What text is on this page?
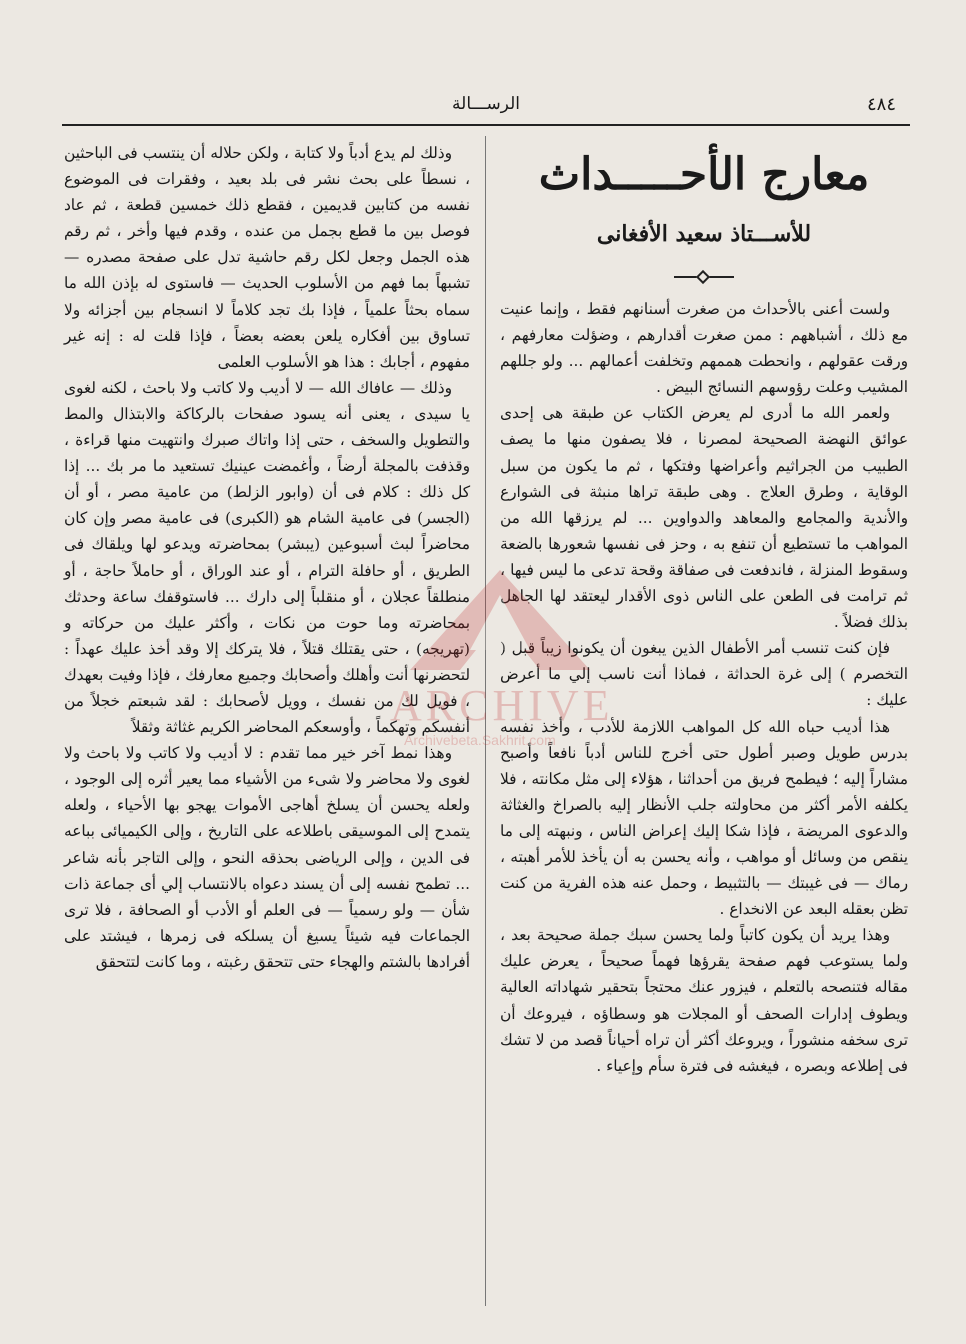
٤٨٤
الرســـالة
معارج الأحـــــداث
للأســـتاذ سعيد الأفغانى

ولست أعنى بالأحداث من صغرت أسنانهم فقط ، وإنما عنيت مع ذلك ، أشباههم : ممن صغرت أقدارهم ، وضؤلت معارفهم ، ورقت عقولهم ، وانحطت هممهم وتخلفت أعمالهم ... ولو جللهم المشيب وعلت رؤوسهم النسائج البيض .

ولعمر الله ما أدرى لم يعرض الكتاب عن طبقة هى إحدى عوائق النهضة الصحيحة لمصرنا ، فلا يصفون منها ما يصف الطبيب من الجراثيم وأعراضها وفتكها ، ثم ما يكون من سبل الوقاية ، وطرق العلاج . وهى طبقة تراها منبثة فى الشوارع والأندية والمجامع والمعاهد والدواوين ... لم يرزقها الله من المواهب ما تستطيع أن تنفع به ، وحز فى نفسها شعورها بالضعة وسقوط المنزلة ، فاندفعت فى صفاقة وقحة تدعى ما ليس فيها ، ثم ترامت فى الطعن على الناس ذوى الأقدار ليعتقد لها الجاهل بذلك فضلاً .

فإن كنت تنسب أمر الأطفال الذين يبغون أن يكونوا زيباً قبل ( التخصرم ) إلى غرة الحداثة ، فماذا أنت ناسب إلي ما أعرض عليك :

هذا أديب حباه الله كل المواهب اللازمة للأدب ، وأخذ نفسه بدرس طويل وصبر أطول حتى أخرج للناس أدباً نافعاً وأصبح مشاراً إليه ؛ فيطمح فريق من أحداثنا ، هؤلاء إلى مثل مكانته ، فلا يكلفه الأمر أكثر من محاولته جلب الأنظار إليه بالصراخ والغثاثة والدعوى المريضة ، فإذا شكا إليك إعراض الناس ، ونبهته إلى ما ينقص من وسائل أو مواهب ، وأنه يحسن به أن يأخذ للأمر أهبته ، رماك — فى غيبتك — بالتثبيط ، وحمل عنه هذه الفرية من كنت تظن بعقله البعد عن الانخداع .

وهذا يريد أن يكون كاتباً ولما يحسن سبك جملة صحيحة بعد ، ولما يستوعب فهم صفحة يقرؤها فهماً صحيحاً ، يعرض عليك مقاله فتنصحه بالتعلم ، فيزور عنك محتجاً بتحقير شهاداته العالية ويطوف إدارات الصحف أو المجلات هو وسطاؤه ، فيروعك أن ترى سخفه منشوراً ، ويروعك أكثر أن تراه أحياناً قصد من لا تشك فى إطلاعه وبصره ، فيغشه فى فترة سأم وإعياء .

وذلك لم يدع أدباً ولا كتابة ، ولكن حلاله أن ينتسب فى الباحثين ، نسطاً على بحث نشر فى بلد بعيد ، وفقرات فى الموضوع نفسه من كتابين قديمين ، فقطع ذلك خمسين قطعة ، ثم عاد فوصل بين ما قطع بجمل من عنده ، وقدم فيها وأخر ، ثم رقم هذه الجمل وجعل لكل رقم حاشية تدل على صفحة مصدره — تشبهاً بما فهم من الأسلوب الحديث — فاستوى له بإذن الله ما سماه بحثاً علمياً ، فإذا بك تجد كلاماً لا انسجام بين أجزائه ولا تساوق بين أفكاره يلعن بعضه بعضاً ، فإذا قلت له : إنه غير مفهوم ، أجابك : هذا هو الأسلوب العلمى

وذلك — عافاك الله — لا أديب ولا كاتب ولا باحث ، لكنه لغوى يا سيدى ، يعنى أنه يسود صفحات بالركاكة والابتذال والمط والتطويل والسخف ، حتى إذا واتاك صبرك وانتهيت منها قراءة ، وقذفت بالمجلة أرضاً ، وأغمضت عينيك تستعيد ما مر بك ... إذا كل ذلك : كلام فى أن (وابور الزلط) من عامية مصر ، أو أن (الجسر) فى عامية الشام هو (الكبرى) فى عامية مصر وإن كان محاضراً لبث أسبوعين (يبشر) بمحاضرته ويدعو لها ويلقاك فى الطريق ، أو حافلة الترام ، أو عند الوراق ، أو حاملاً حاجة ، أو منطلقاً عجلان ، أو منقلباً إلى دارك ... فاستوقفك ساعة وحدثك بمحاضرته وما حوت من نكات ، وأكثر عليك من حركاته و (تهريجه) ، حتى يقتلك قتلاً ، فلا يتركك إلا وقد أخذ عليك عهداً : لتحضرنها أنت وأهلك وأصحابك وجميع معارفك ، فإذا وفيت بعهدك ، فويل لك من نفسك ، وويل لأصحابك : لقد شبعتم خجلاً من أنفسكم وتهكماً ، وأوسعكم المحاضر الكريم غثاثة وثقلاً

وهذا نمط آخر خير مما تقدم : لا أديب ولا كاتب ولا باحث ولا لغوى ولا محاضر ولا شىء من الأشياء مما يعير أثره إلى الوجود ، ولعله يحسن أن يسلخ أهاجى الأموات يهجو بها الأحياء ، ولعله يتمدح إلى الموسيقى باطلاعه على التاريخ ، وإلى الكيميائى بباعه فى الدين ، وإلى الرياضى بحذقه النحو ، وإلى التاجر بأنه شاعر ... تطمح نفسه إلى أن يسند دعواه بالانتساب إلي أى جماعة ذات شأن — ولو رسمياً — فى العلم أو الأدب أو الصحافة ، فلا ترى الجماعات فيه شيئاً يسيغ أن يسلكه فى زمرها ، فيشتد على أفرادها بالشتم والهجاء حتى تتحقق رغبته ، وما كانت لتتحقق

ARCHIVE
Archivebeta.Sakhrit.com
